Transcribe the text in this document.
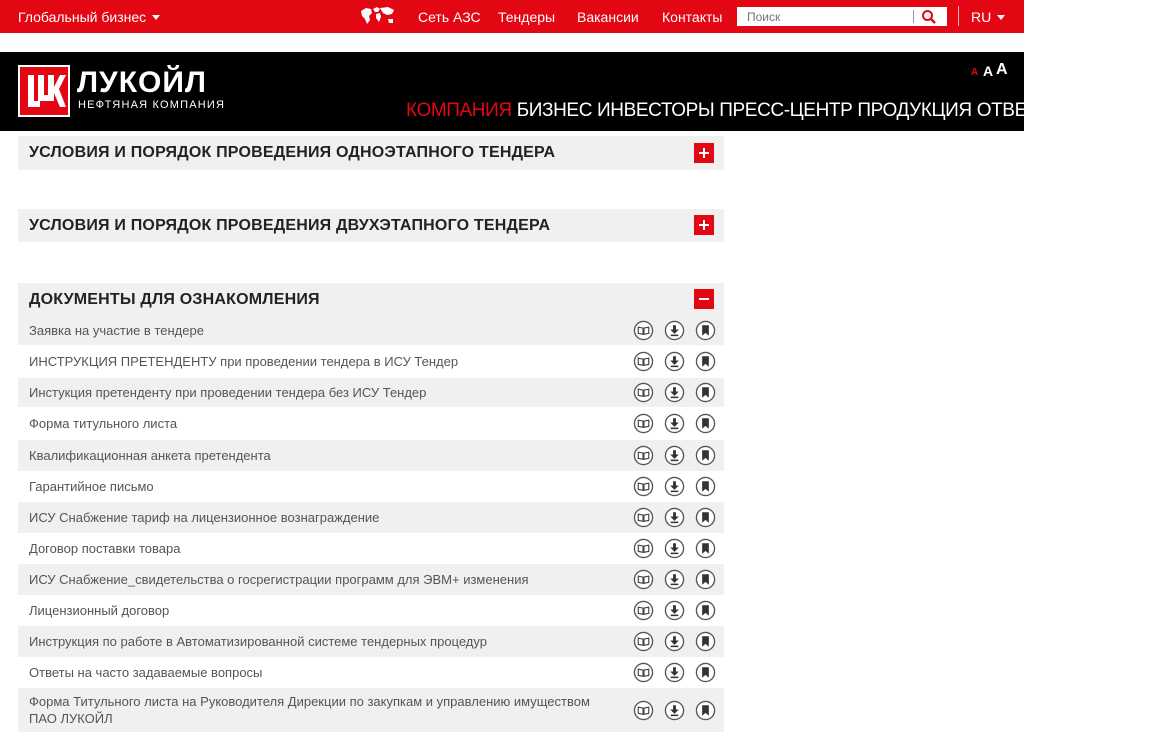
Глобальный бизнес	Сеть АЗС Тендеры Вакансии Контакты
Поиск	RU
ЛУКОЙЛ
НЕФТЯНАЯ КОМПАНИЯ
A A A
КОМПАНИЯ БИЗНЕС ИНВЕСТОРЫ ПРЕСС-ЦЕНТР ПРОДУКЦИЯ ОТВЕТСТВЕННОСТЬ
УСЛОВИЯ И ПОРЯДОК ПРОВЕДЕНИЯ ОДНОЭТАПНОГО ТЕНДЕРА
УСЛОВИЯ И ПОРЯДОК ПРОВЕДЕНИЯ ДВУХЭТАПНОГО ТЕНДЕРА
ДОКУМЕНТЫ ДЛЯ ОЗНАКОМЛЕНИЯ
Заявка на участие в тендере
ИНСТРУКЦИЯ ПРЕТЕНДЕНТУ при проведении тендера в ИСУ Тендер
Инстукция претенденту при проведении тендера без ИСУ Тендер
Форма титульного листа
Квалификационная анкета претендента
Гарантийное письмо
ИСУ Снабжение тариф на лицензионное вознаграждение
Договор поставки товара
ИСУ Снабжение_свидетельства о госрегистрации программ для ЭВМ+ изменения
Лицензионный договор
Инструкция по работе в Автоматизированной системе тендерных процедур
Ответы на часто задаваемые вопросы
Форма Титульного листа на Руководителя Дирекции по закупкам и управлению имуществом ПАО ЛУКОЙЛ
